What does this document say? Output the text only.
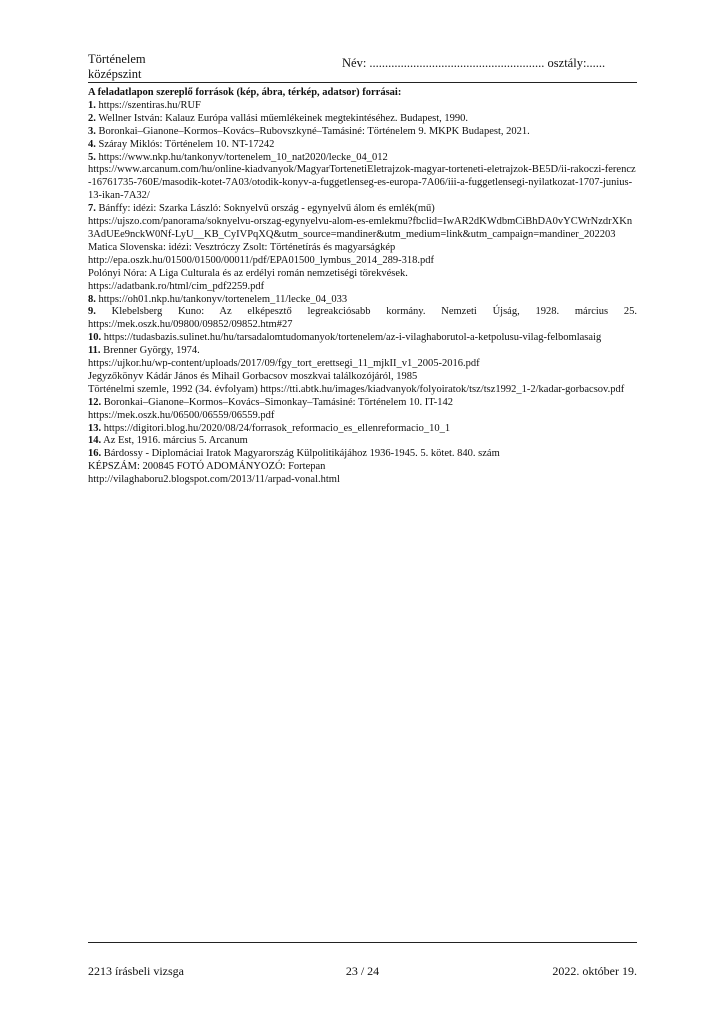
Történelem
középszint
Név: ........................................................ osztály:......

A feladatlapon szereplő források (kép, ábra, térkép, adatsor) forrásai:

1. https://szentiras.hu/RUF

2. Wellner István: Kalauz Európa vallási műemlékeinek megtekintéséhez. Budapest, 1990.

3. Boronkai–Gianone–Kormos–Kovács–Rubovszkyné–Tamásiné: Történelem 9. MKPK Budapest, 2021.

4. Száray Miklós: Történelem 10. NT-17242

5. https://www.nkp.hu/tankonyv/tortenelem_10_nat2020/lecke_04_012

https://www.arcanum.com/hu/online-kiadvanyok/MagyarTortenetiEletrajzok-magyar-torteneti-eletrajzok-BE5D/ii-rakoczi-ferencz-16761735-760E/masodik-kotet-7A03/otodik-konyv-a-fuggetlenseg-es-europa-7A06/iii-a-fuggetlensegi-nyilatkozat-1707-junius-13-ikan-7A32/

7. Bánffy: idézi: Szarka László: Soknyelvű ország - egynyelvű álom és emlék(mű)

https://ujszo.com/panorama/soknyelvu-orszag-egynyelvu-alom-es-emlekmu?fbclid=IwAR2dKWdbmCiBhDA0vYCWrNzdrXKn3AdUEe9nckW0Nf-LyU__KB_CyIVPqXQ&utm_source=mandiner&utm_medium=link&utm_campaign=mandiner_202203

Matica Slovenska: idézi: Vesztróczy Zsolt: Történetírás és magyarságkép

http://epa.oszk.hu/01500/01500/00011/pdf/EPA01500_lymbus_2014_289-318.pdf

Polónyi Nóra: A Liga Culturala és az erdélyi román nemzetiségi törekvések.

https://adatbank.ro/html/cim_pdf2259.pdf

8. https://oh01.nkp.hu/tankonyv/tortenelem_11/lecke_04_033

9. Klebelsberg Kuno: Az elképesztő legreakciósabb kormány. Nemzeti Újság, 1928. március 25.

https://mek.oszk.hu/09800/09852/09852.htm#27

10. https://tudasbazis.sulinet.hu/hu/tarsadalomtudomanyok/tortenelem/az-i-vilaghaborutol-a-ketpolusu-vilag-felbomlasaig

11. Brenner György, 1974.

https://ujkor.hu/wp-content/uploads/2017/09/fgy_tort_erettsegi_11_mjkII_v1_2005-2016.pdf

Jegyzőkönyv Kádár János és Mihail Gorbacsov moszkvai találkozójáról, 1985

Történelmi szemle, 1992 (34. évfolyam) https://tti.abtk.hu/images/kiadvanyok/folyoiratok/tsz/tsz1992_1-2/kadar-gorbacsov.pdf

12. Boronkai–Gianone–Kormos–Kovács–Simonkay–Tamásiné: Történelem 10. IT-142

https://mek.oszk.hu/06500/06559/06559.pdf

13. https://digitori.blog.hu/2020/08/24/forrasok_reformacio_es_ellenreformacio_10_1

14. Az Est, 1916. március 5. Arcanum

16. Bárdossy - Diplomáciai Iratok Magyarország Külpolitikájához 1936-1945. 5. kötet. 840. szám

KÉPSZÁM: 200845 FOTÓ ADOMÁNYOZÓ: Fortepan

http://vilaghaboru2.blogspot.com/2013/11/arpad-vonal.html

2213 írásbeli vizsga	23 / 24	2022. október 19.
